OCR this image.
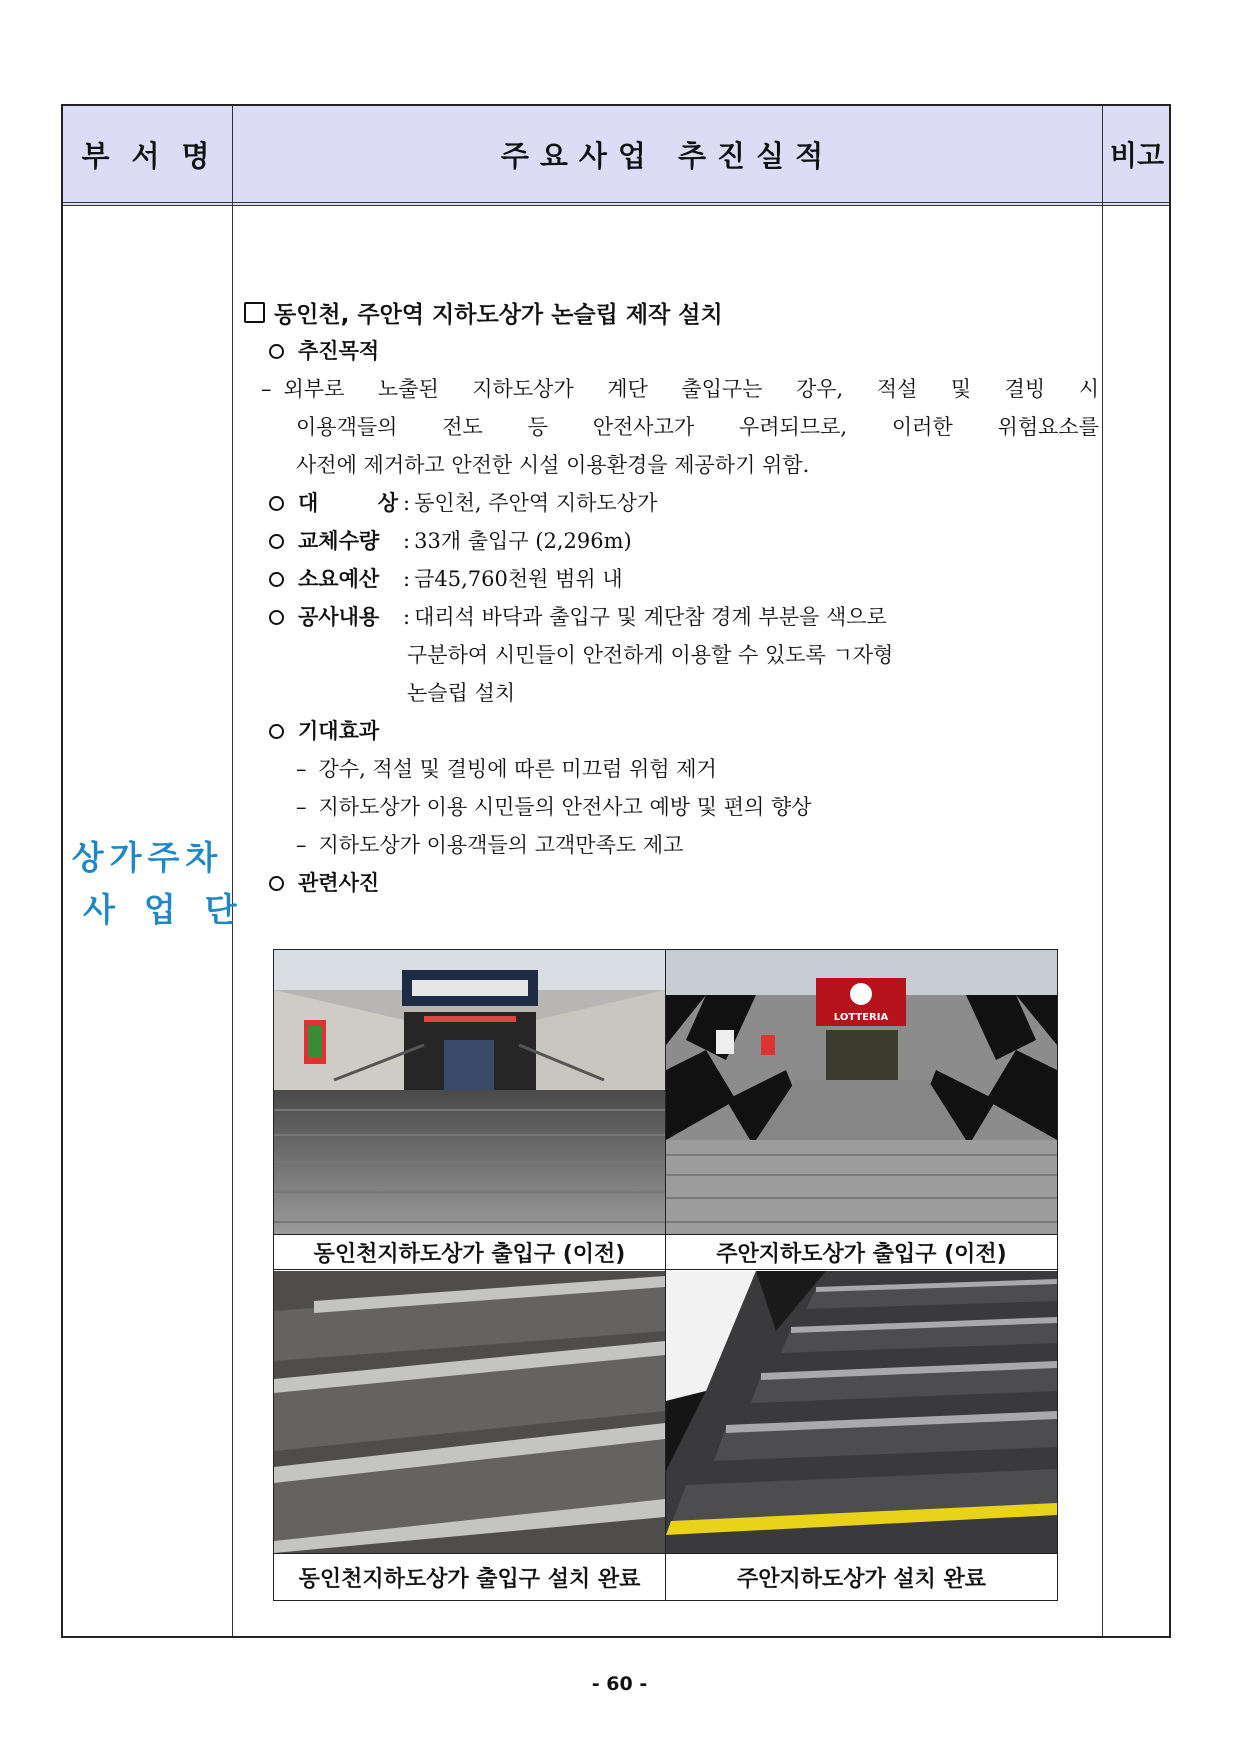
부서명	주요사업 추진실적	비고
상가주차
사업단
동인천, 주안역 지하도상가 논슬립 제작 설치
추진목적
– 외부로 노출된 지하도상가 계단 출입구는 강우, 적설 및 결빙 시
이용객들의 전도 등 안전사고가 우려되므로, 이러한 위험요소를
사전에 제거하고 안전한 시설 이용환경을 제공하기 위함.
대 상 : 동인천, 주안역 지하도상가
교체수량 : 33개 출입구 (2,296m)
소요예산 : 금45,760천원 범위 내
공사내용 : 대리석 바닥과 출입구 및 계단참 경계 부분을 색으로
구분하여 시민들이 안전하게 이용할 수 있도록 ㄱ자형
논슬립 설치
기대효과
– 강수, 적설 및 결빙에 따른 미끄럼 위험 제거
– 지하도상가 이용 시민들의 안전사고 예방 및 편의 향상
– 지하도상가 이용객들의 고객만족도 제고
관련사진
LOTTERIA
동인천지하도상가 출입구 (이전)	주안지하도상가 출입구 (이전)
동인천지하도상가 출입구 설치 완료	주안지하도상가 설치 완료
- 60 -
